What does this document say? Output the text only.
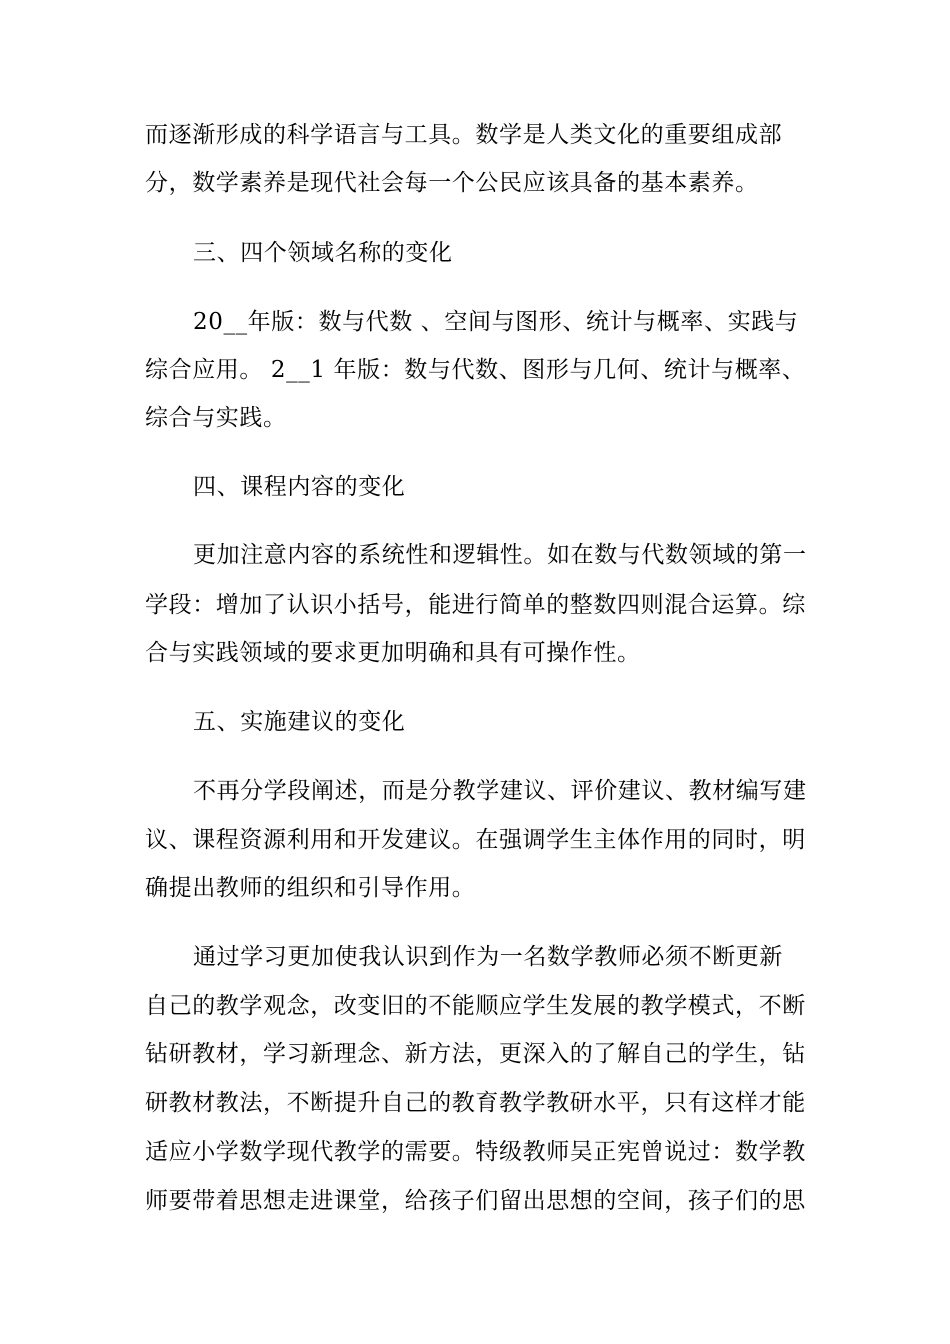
而逐渐形成的科学语言与工具。数学是人类文化的重要组成部
分，数学素养是现代社会每一个公民应该具备的基本素养。
三、四个领域名称的变化
20__年版：数与代数 、空间与图形、统计与概率、实践与
综合应用。 2__1 年版：数与代数、图形与几何、统计与概率、
综合与实践。
四、课程内容的变化
更加注意内容的系统性和逻辑性。如在数与代数领域的第一
学段：增加了认识小括号，能进行简单的整数四则混合运算。综
合与实践领域的要求更加明确和具有可操作性。
五、实施建议的变化
不再分学段阐述，而是分教学建议、评价建议、教材编写建
议、课程资源利用和开发建议。在强调学生主体作用的同时，明
确提出教师的组织和引导作用。
通过学习更加使我认识到作为一名数学教师必须不断更新
自己的教学观念，改变旧的不能顺应学生发展的教学模式，不断
钻研教材，学习新理念、新方法，更深入的了解自己的学生，钻
研教材教法，不断提升自己的教育教学教研水平，只有这样才能
适应小学数学现代教学的需要。特级教师吴正宪曾说过：数学教
师要带着思想走进课堂，给孩子们留出思想的空间，孩子们的思
